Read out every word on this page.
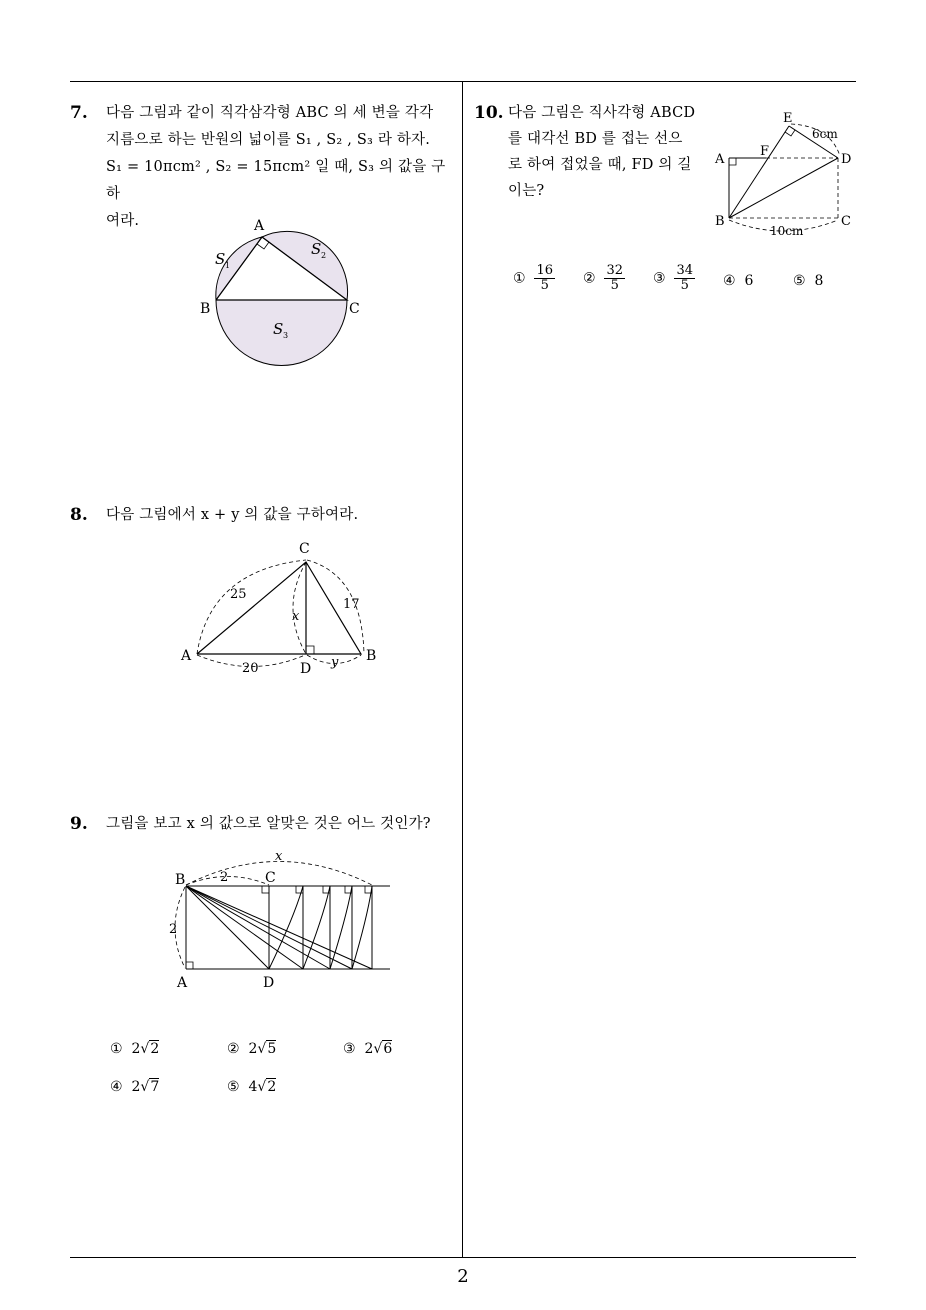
2
7. 다음 그림과 같이 직각삼각형 ABC 의 세 변을 각각
지름으로 하는 반원의 넓이를 S₁ , S₂ , S₃ 라 하자.
S₁ = 10πcm² , S₂ = 15πcm² 일 때, S₃ 의 값을 구하
여라.	A
B	C
S 1
S 2
S 3
8. 다음 그림에서 x + y 의 값을 구하여라.
C
A	B
D
25
17
20
x
y
9. 그림을 보고 x 의 값으로 알맞은 것은 어느 것인가?
B	C
A	D
2
2
x
① 2√2	② 2√5	③ 2√6
④ 2√7	⑤ 4√2
10. 다음 그림은 직사각형 ABCD
를 대각선 BD 를 접는 선으
로 하여 접었을 때, FD 의 길
이는?
E
F
A	D
B	C
6cm
10cm
① $\frac{16}{5}$ ② $\frac{32}{5}$ ③ $\frac{34}{5}$ ④ 6	⑤ 8
